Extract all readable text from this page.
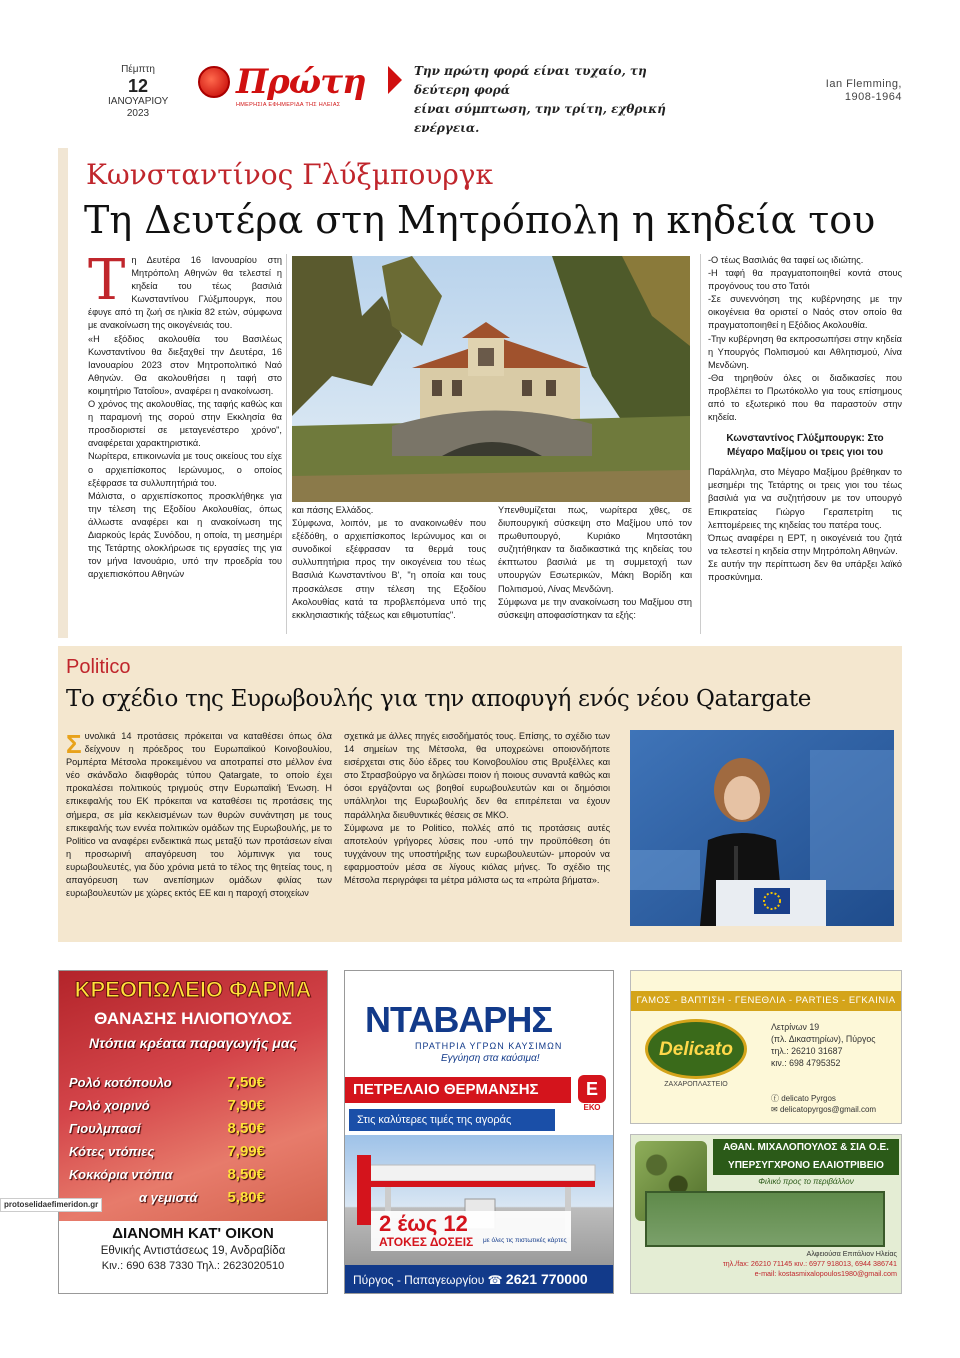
Πέμπτη
12
ΙΑΝΟΥΑΡΙΟΥ
2023
Πρώτη
ΗΜΕΡΗΣΙΑ ΕΦΗΜΕΡΙΔΑ ΤΗΣ ΗΛΕΙΑΣ
Την πρώτη φορά είναι τυχαίο, τη δεύτερη φορά
είναι σύμπτωση, την τρίτη, εχθρική ενέργεια.
Ian Flemming,
1908-1964
Κωνσταντίνος Γλύξμπουργκ
Τη Δευτέρα στη Μητρόπολη η κηδεία του
Τ η Δευτέρα 16 Ιανουαρίου στη Μητρόπολη Αθηνών θα τελεστεί η κηδεία του τέως βασιλιά Κωνσταντίνου Γλύξμπουργκ, που έφυγε από τη ζωή σε ηλικία 82 ετών, σύμφωνα με ανακοίνωση της οικογένειάς του.

«Η εξόδιος ακολουθία του Βασιλέως Κωνσταντίνου θα διεξαχθεί την Δευτέρα, 16 Ιανουαρίου 2023 στον Μητροπολιτικό Ναό Αθηνών. Θα ακολουθήσει η ταφή στο κοιμητήριο Τατοΐου», αναφέρει η ανακοίνωση.

Ο χρόνος της ακολουθίας, της ταφής καθώς και η παραμονή της σορού στην Εκκλησία θα προσδιοριστεί σε μεταγενέστερο χρόνο", αναφέρεται χαρακτηριστικά.

Νωρίτερα, επικοινωνία με τους οικείους του είχε ο αρχιεπίσκοπος Ιερώνυμος, ο οποίος εξέφρασε τα συλλυπητήριά του.

Μάλιστα, ο αρχιεπίσκοπος προσκλήθηκε για την τέλεση της Εξοδίου Ακολουθίας, όπως άλλωστε αναφέρει και η ανακοίνωση της Διαρκούς Ιεράς Συνόδου, η οποία, τη μεσημέρι της Τετάρτης ολοκλήρωσε τις εργασίες της για τον μήνα Ιανουάριο, υπό την προεδρία του αρχιεπισκόπου Αθηνών

και πάσης Ελλάδος.

Σύμφωνα, λοιπόν, με το ανακοινωθέν που εξέδόθη, ο αρχιεπίσκοπος Ιερώνυμος και οι συνοδικοί εξέφρασαν τα θερμά τους συλλυπητήρια προς την οικογένεια του τέως Βασιλιά Κωνσταντίνου Β', "η οποία και τους προσκάλεσε στην τέλεση της Εξοδίου Ακολουθίας κατά τα προβλεπόμενα υπό της εκκλησιαστικής τάξεως και εθιμοτυπίας".

Υπενθυμίζεται πως, νωρίτερα χθες, σε διυπουργική σύσκεψη στο Μαξίμου υπό τον πρωθυπουργό, Κυριάκο Μητσοτάκη συζητήθηκαν τα διαδικαστικά της κηδείας του έκπτωτου βασιλιά με τη συμμετοχή των υπουργών Εσωτερικών, Μάκη Βορίδη και Πολιτισμού, Λίνας Μενδώνη.

Σύμφωνα με την ανακοίνωση του Μαξίμου στη σύσκεψη αποφασίστηκαν τα εξής:

-Ο τέως Βασιλιάς θα ταφεί ως ιδιώτης.

-Η ταφή θα πραγματοποιηθεί κοντά στους προγόνους του στο Τατόι

-Σε συνεννόηση της κυβέρνησης με την οικογένεια θα οριστεί ο Ναός στον οποίο θα πραγματοποιηθεί η Εξόδιος Ακολουθία.

-Την κυβέρνηση θα εκπροσωπήσει στην κηδεία η Υπουργός Πολιτισμού και Αθλητισμού, Λίνα Μενδώνη.

-Θα τηρηθούν όλες οι διαδικασίες που προβλέπει το Πρωτόκολλο για τους επίσημους από το εξωτερικό που θα παραστούν στην κηδεία.

Κωνσταντίνος Γλύξμπουργκ: Στο Μέγαρο Μαξίμου οι τρεις γιοι του

Παράλληλα, στο Μέγαρο Μαξίμου βρέθηκαν το μεσημέρι της Τετάρτης οι τρεις γιοι του τέως βασιλιά για να συζητήσουν με τον υπουργό Επικρατείας Γιώργο Γεραπετρίτη τις λεπτομέρειες της κηδείας του πατέρα τους.

Όπως αναφέρει η ΕΡΤ, η οικογένειά του ζητά να τελεστεί η κηδεία στην Μητρόπολη Αθηνών.

Σε αυτήν την περίπτωση δεν θα υπάρξει λαϊκό προσκύνημα.

Politico
Το σχέδιο της Ευρωβουλής για την αποφυγή ενός νέου Qatargate
Σ υνολικά 14 προτάσεις πρόκειται να καταθέσει όπως όλα δείχνουν η πρόεδρος του Ευρωπαϊκού Κοινοβουλίου, Ρομπέρτα Μέτσολα προκειμένου να αποτραπεί στο μέλλον ένα νέο σκάνδαλο διαφθοράς τύπου Qatargate, το οποίο έχει προκαλέσει πολιτικούς τριγμούς στην Ευρωπαϊκή Ένωση. Η επικεφαλής του ΕΚ πρόκειται να καταθέσει τις προτάσεις της σήμερα, σε μία κεκλεισμένων των θυρών συνάντηση με τους επικεφαλής των εννέα πολιτικών ομάδων της Ευρωβουλής, με το Politico να αναφέρει ενδεικτικά πως μεταξύ των προτάσεων είναι η προσωρινή απαγόρευση του λόμπινγκ για τους ευρωβουλευτές, για δύο χρόνια μετά το τέλος της θητείας τους, η απαγόρευση των ανεπίσημων ομάδων φιλίας των ευρωβουλευτών με χώρες εκτός ΕΕ και η παροχή στοιχείων

σχετικά με άλλες πηγές εισοδήματός τους. Επίσης, το σχέδιο των 14 σημείων της Μέτσολα, θα υποχρεώνει οποιονδήποτε εισέρχεται στις δύο έδρες του Κοινοβουλίου στις Βρυξέλλες και στο Στρασβούργο να δηλώσει ποιον ή ποιους συναντά καθώς και όσοι εργάζονται ως βοηθοί ευρωβουλευτών και οι δημόσιοι υπάλληλοι της Ευρωβουλής δεν θα επιτρέπεται να έχουν παράλληλα διευθυντικές θέσεις σε ΜΚΟ.

Σύμφωνα με το Politico, πολλές από τις προτάσεις αυτές αποτελούν γρήγορες λύσεις που -υπό την προϋπόθεση ότι τυγχάνουν της υποστήριξης των ευρωβουλευτών- μπορούν να εφαρμοστούν μέσα σε λίγους κιόλας μήνες. Το σχέδιο της Μέτσολα περιγράφει τα μέτρα μάλιστα ως τα «πρώτα βήματα».

ΚΡΕΟΠΩΛΕΙΟ ΦΑΡΜΑ
ΘΑΝΑΣΗΣ ΗΛΙΟΠΟΥΛΟΣ
Ντόπια κρέατα παραγωγής μας
Ρολό κοτόπουλο	7,50€
Ρολό χοιρινό	7,90€
Γιουλμπασί	8,50€
Κότες ντόπιες	7,99€
Κοκκόρια ντόπια	8,50€
α γεμιστά 5,80€
ΔΙΑΝΟΜΗ ΚΑΤ' ΟΙΚΟΝ
Εθνικής Αντιστάσεως 19, Ανδραβίδα
Κιν.: 690 638 7330 Τηλ.: 2623020510
protoselidaefimeridon.gr
ΝΤΑΒΑΡΗΣ
ΠΡΑΤΗΡΙΑ ΥΓΡΩΝ ΚΑΥΣΙΜΩΝ
Εγγύηση στα καύσιμα!
ΠΕΤΡΕΛΑΙΟ ΘΕΡΜΑΝΣΗΣ	Ε
ΕΚΟ
Στις καλύτερες τιμές της αγοράς
2 έως 12
ΑΤΟΚΕΣ ΔΟΣΕΙΣ με όλες τις πιστωτικές κάρτες
Πύργος - Παπαγεωργίου ☎ 2621 770000
ΓΑΜΟΣ - ΒΑΠΤΙΣΗ - ΓΕΝΕΘΛΙΑ - PARTIES - ΕΓΚΑΙΝΙΑ
Delicato
ΖΑΧΑΡΟΠΛΑΣΤΕΙΟ
Λετρίνων 19
(πλ. Δικαστηρίων), Πύργος
τηλ.: 26210 31687
κιν.: 698 4795352
ⓕ delicato Pyrgos
✉ delicatopyrgos@gmail.com
ΑΘΑΝ. ΜΙΧΑΛΟΠΟΥΛΟΣ & ΣΙΑ Ο.Ε.
ΥΠΕΡΣΥΓΧΡΟΝΟ ΕΛΑΙΟΤΡΙΒΕΙΟ
Φιλικό προς το περιβάλλον
Αλφειούσα Επιτάλιον Ηλείας
τηλ./fax: 26210 71145 κιν.: 6977 918013, 6944 386741
e-mail: kostasmixalopoulos1980@gmail.com
